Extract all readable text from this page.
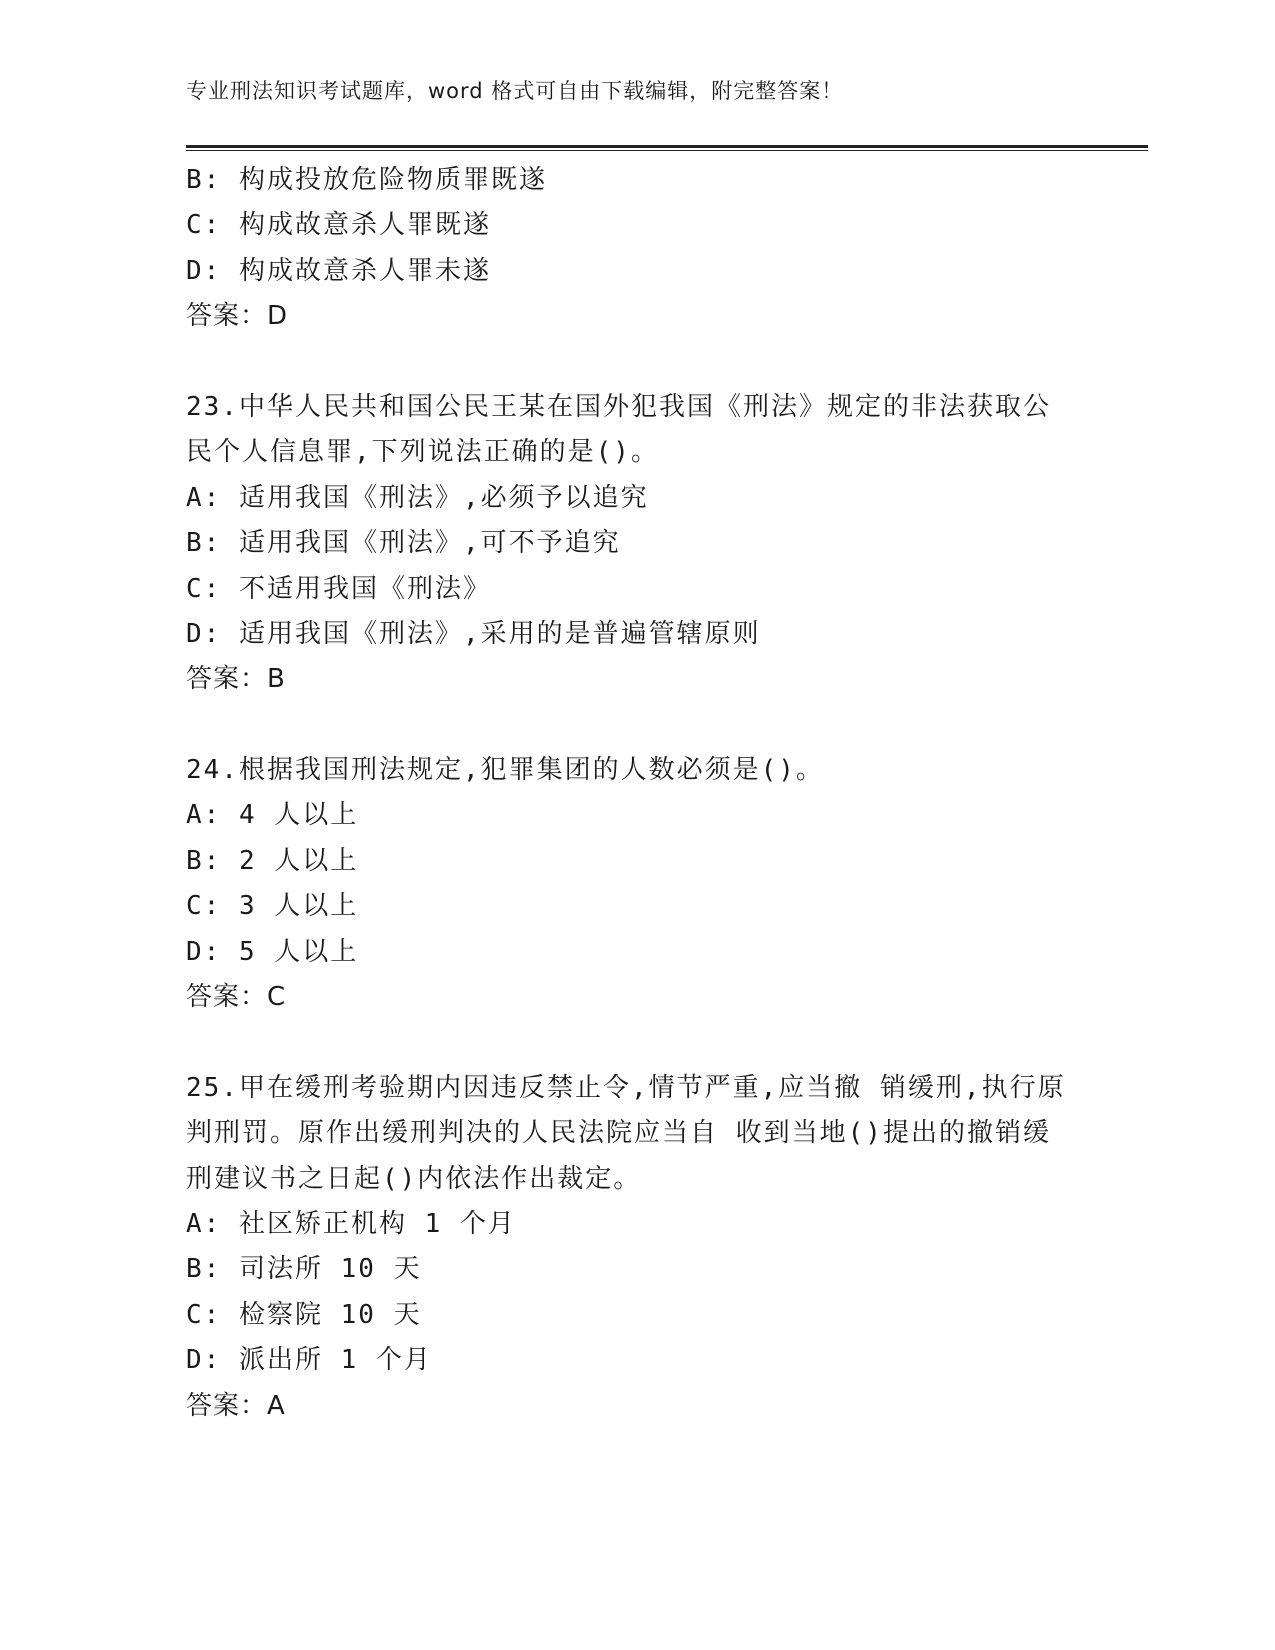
专业刑法知识考试题库，word 格式可自由下载编辑，附完整答案！
B: 构成投放危险物质罪既遂
C: 构成故意杀人罪既遂
D: 构成故意杀人罪未遂
答案：D
23.中华人民共和国公民王某在国外犯我国《刑法》规定的非法获取公
民个人信息罪,下列说法正确的是()。
A: 适用我国《刑法》,必须予以追究
B: 适用我国《刑法》,可不予追究
C: 不适用我国《刑法》
D: 适用我国《刑法》,采用的是普遍管辖原则
答案：B
24.根据我国刑法规定,犯罪集团的人数必须是()。
A: 4 人以上
B: 2 人以上
C: 3 人以上
D: 5 人以上
答案：C
25.甲在缓刑考验期内因违反禁止令,情节严重,应当撤 销缓刑,执行原
判刑罚。原作出缓刑判决的人民法院应当自 收到当地()提出的撤销缓
刑建议书之日起()内依法作出裁定。
A: 社区矫正机构 1 个月
B: 司法所 10 天
C: 检察院 10 天
D: 派出所 1 个月
答案：A
